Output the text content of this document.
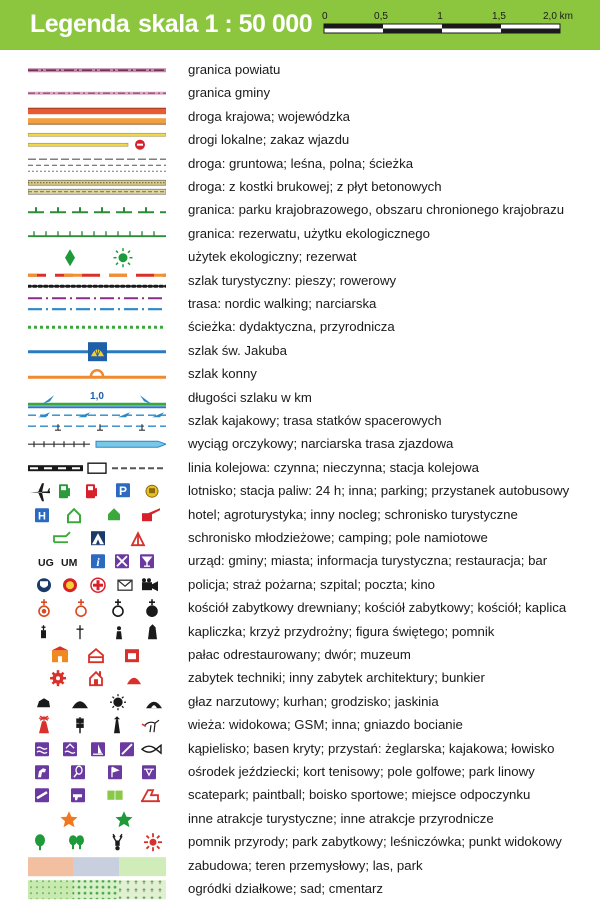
Legenda skala 1 : 50 000 0	0,5	1	1,5	2,0 km
granica powiatu
granica gminy
droga krajowa; wojewódzka
drogi lokalne; zakaz wjazdu
droga: gruntowa; leśna, polna; ścieżka
droga: z kostki brukowej; z płyt betonowych
granica: parku krajobrazowego, obszaru chronionego krajobrazu
granica: rezerwatu, użytku ekologicznego
użytek ekologiczny; rezerwat
szlak turystyczny: pieszy; rowerowy
trasa: nordic walking; narciarska
ścieżka: dydaktyczna, przyrodnicza
szlak św. Jakuba
szlak konny
1,0	długości szlaku w km
szlak kajakowy; trasa statków spacerowych
wyciąg orczykowy; narciarska trasa zjazdowa
linia kolejowa: czynna; nieczynna; stacja kolejowa
P	lotnisko; stacja paliw: 24 h; inna; parking; przystanek autobusowy
H	hotel; agroturystyka; inny nocleg; schronisko turystyczne
schronisko młodzieżowe; camping; pole namiotowe
UG UM i	urząd: gminy; miasta; informacja turystyczna; restauracja; bar
policja; straż pożarna; szpital; poczta; kino
kościół zabytkowy drewniany; kościół zabytkowy; kościół; kaplica
kapliczka; krzyż przydrożny; figura świętego; pomnik
pałac odrestaurowany; dwór; muzeum
zabytek techniki; inny zabytek architektury; bunkier
głaz narzutowy; kurhan; grodzisko; jaskinia
wieża: widokowa; GSM; inna; gniazdo bocianie
kąpielisko; basen kryty; przystań: żeglarska; kajakowa; łowisko
ośrodek jeździecki; kort tenisowy; pole golfowe; park linowy
scatepark; paintball; boisko sportowe; miejsce odpoczynku
inne atrakcje turystyczne; inne atrakcje przyrodnicze
pomnik przyrody; park zabytkowy; leśniczówka; punkt widokowy
zabudowa; teren przemysłowy; las, park
ogródki działkowe; sad; cmentarz
